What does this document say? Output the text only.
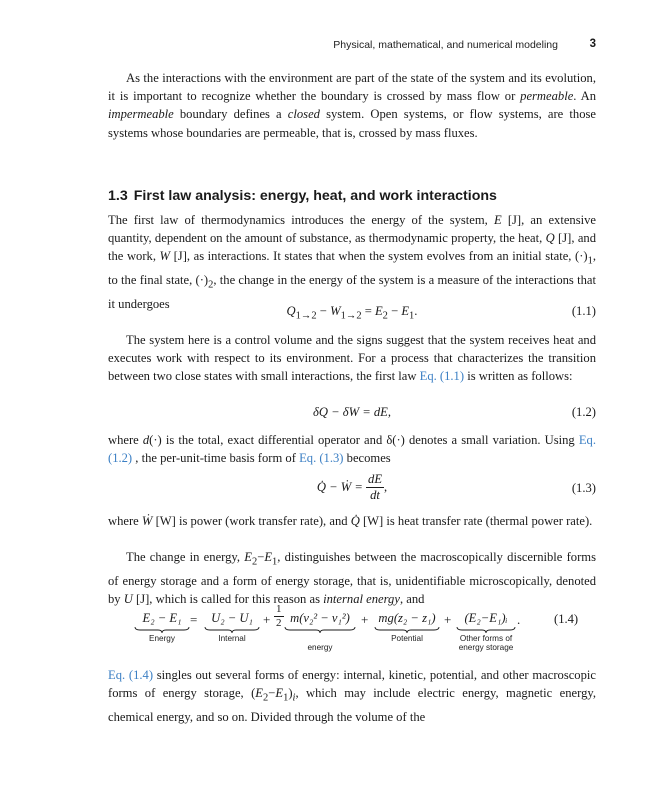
Physical, mathematical, and numerical modeling	3

As the interactions with the environment are part of the state of the system and its evolution, it is important to recognize whether the boundary is crossed by mass flow or permeable. An impermeable boundary defines a closed system. Open systems, or flow systems, are those systems whose boundaries are permeable, that is, crossed by mass fluxes.

1.3 First law analysis: energy, heat, and work interactions

The first law of thermodynamics introduces the energy of the system, E [J], an extensive quantity, dependent on the amount of substance, as thermodynamic property, the heat, Q [J], and the work, W [J], as interactions. It states that when the system evolves from an initial state, $(\cdot)_1$, to the final state, $(\cdot)_2$, the change in the energy of the system is a measure of the interactions that it undergoes

$Q_{1\to 2} - W_{1\to 2} = E_2 - E_1$.	(1.1)

The system here is a control volume and the signs suggest that the system receives heat and executes work with respect to its environment. For a process that characterizes the transition between two close states with small interactions, the first law Eq. (1.1) is written as follows:

δQ − δW = dE,	(1.2)

where d(·) is the total, exact differential operator and δ(·) denotes a small variation. Using Eq. (1.2) , the per-unit-time basis form of Eq. (1.3) becomes

Q̇ − Ẇ = $\frac{dE}{dt}$ ,	(1.3)

where Ẇ [W] is power (work transfer rate), and Q̇ [W] is heat transfer rate (thermal power rate).

The change in energy, $E_2-E_1$, distinguishes between the macroscopically discernible forms of energy storage and a form of energy storage, that is, unidentifiable microscopically, denoted by U [J], which is called for this reason as internal energy, and

E₂ − E₁
Energy
=	U₂ − U₁
Internal
+ $\frac{1}{2} m(v_2^2 - v_1^2)$
energy
+ mg(z₂ − z₁)
Potential
+	(E₂−E₁)ᵢ
Other forms of
energy storage
.	(1.4)

Eq. (1.4) singles out several forms of energy: internal, kinetic, potential, and other macroscopic forms of energy storage, $(E_2-E_1)_i$, which may include electric energy, magnetic energy, chemical energy, and so on. Divided through the volume of the
